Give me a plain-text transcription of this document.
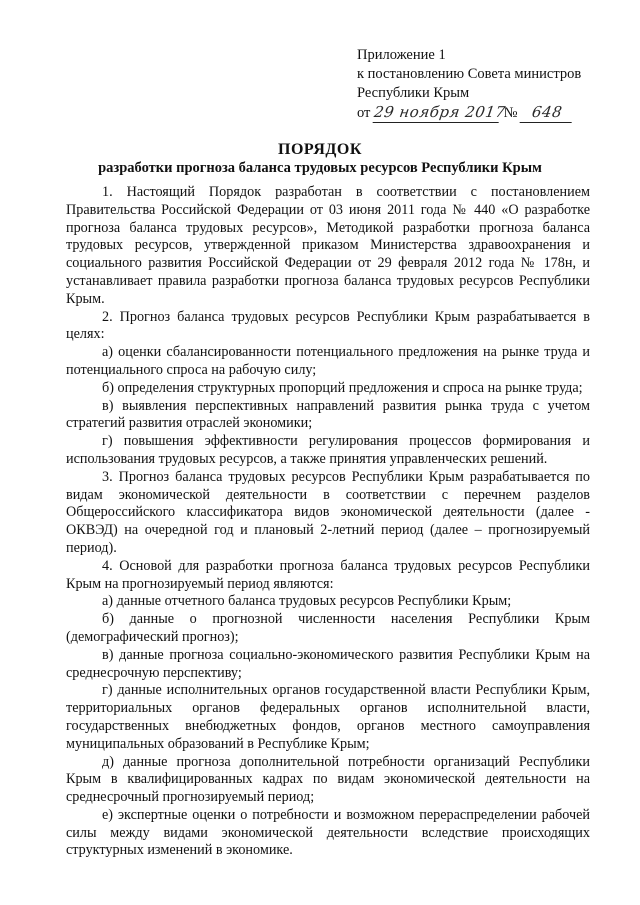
Приложение 1
к постановлению Совета министров
Республики Крым
от 29 ноября 2017 № 648
ПОРЯДОК
разработки прогноза баланса трудовых ресурсов Республики Крым

1. Настоящий Порядок разработан в соответствии с постановлением Правительства Российской Федерации от 03 июня 2011 года № 440 «О разработке прогноза баланса трудовых ресурсов», Методикой разработки прогноза баланса трудовых ресурсов, утвержденной приказом Министерства здравоохранения и социального развития Российской Федерации от 29 февраля 2012 года № 178н, и устанавливает правила разработки прогноза баланса трудовых ресурсов Республики Крым.

2. Прогноз баланса трудовых ресурсов Республики Крым разрабатывается в целях:

а) оценки сбалансированности потенциального предложения на рынке труда и потенциального спроса на рабочую силу;

б) определения структурных пропорций предложения и спроса на рынке труда;

в) выявления перспективных направлений развития рынка труда с учетом стратегий развития отраслей экономики;

г) повышения эффективности регулирования процессов формирования и использования трудовых ресурсов, а также принятия управленческих решений.

3. Прогноз баланса трудовых ресурсов Республики Крым разрабатывается по видам экономической деятельности в соответствии с перечнем разделов Общероссийского классификатора видов экономической деятельности (далее - ОКВЭД) на очередной год и плановый 2-летний период (далее – прогнозируемый период).

4. Основой для разработки прогноза баланса трудовых ресурсов Республики Крым на прогнозируемый период являются:

а) данные отчетного баланса трудовых ресурсов Республики Крым;

б) данные о прогнозной численности населения Республики Крым (демографический прогноз);

в) данные прогноза социально-экономического развития Республики Крым на среднесрочную перспективу;

г) данные исполнительных органов государственной власти Республики Крым, территориальных органов федеральных органов исполнительной власти, государственных внебюджетных фондов, органов местного самоуправления муниципальных образований в Республике Крым;

д) данные прогноза дополнительной потребности организаций Республики Крым в квалифицированных кадрах по видам экономической деятельности на среднесрочный прогнозируемый период;

е) экспертные оценки о потребности и возможном перераспределении рабочей силы между видами экономической деятельности вследствие происходящих структурных изменений в экономике.
